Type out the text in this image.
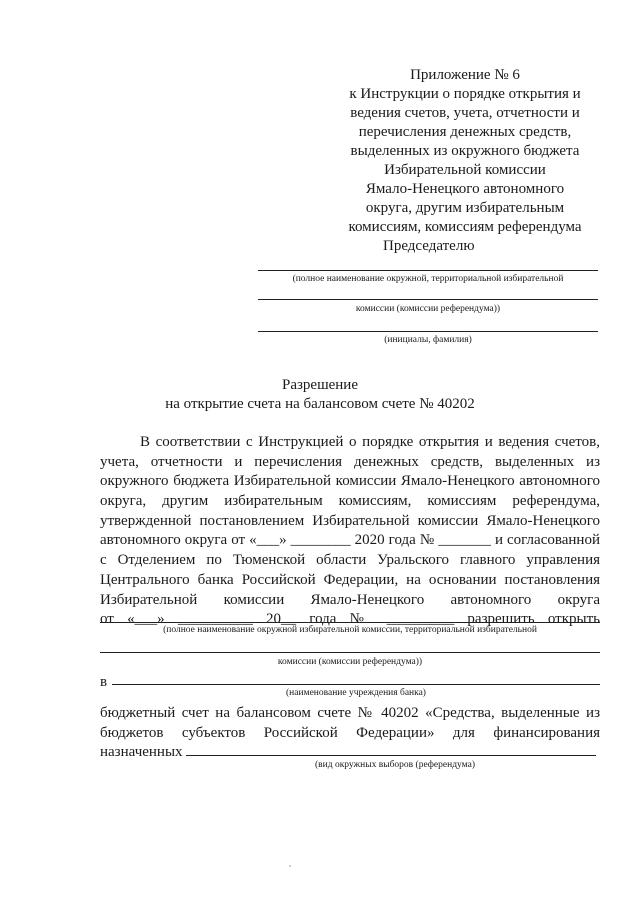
Приложение № 6
к Инструкции о порядке открытия и
ведения счетов, учета, отчетности и
перечисления денежных средств,
выделенных из окружного бюджета
Избирательной комиссии
Ямало-Ненецкого автономного
округа, другим избирательным
комиссиям, комиссиям референдума
Председателю
(полное наименование окружной, территориальной избирательной
комиссии (комиссии референдума))
(инициалы, фамилия)
Разрешение
на открытие счета на балансовом счете № 40202
В соответствии с Инструкцией о порядке открытия и ведения счетов,
учета, отчетности и перечисления денежных средств, выделенных из
окружного бюджета Избирательной комиссии Ямало-Ненецкого автономного
округа, другим избирательным комиссиям, комиссиям референдума,
утвержденной постановлением Избирательной комиссии Ямало-Ненецкого
автономного округа от «___» ________ 2020 года № _______ и согласованной
с Отделением по Тюменской области Уральского главного управления
Центрального банка Российской Федерации, на основании постановления
Избирательной комиссии Ямало-Ненецкого автономного округа
от «___» __________ 20__ года № _________ разрешить открыть
(полное наименование окружной избирательной комиссии, территориальной избирательной
комиссии (комиссии референдума))
в
(наименование учреждения банка)
бюджетный счет на балансовом счете № 40202 «Средства, выделенные из
бюджетов субъектов Российской Федерации» для финансирования
назначенных
(вид окружных выборов (референдума)
